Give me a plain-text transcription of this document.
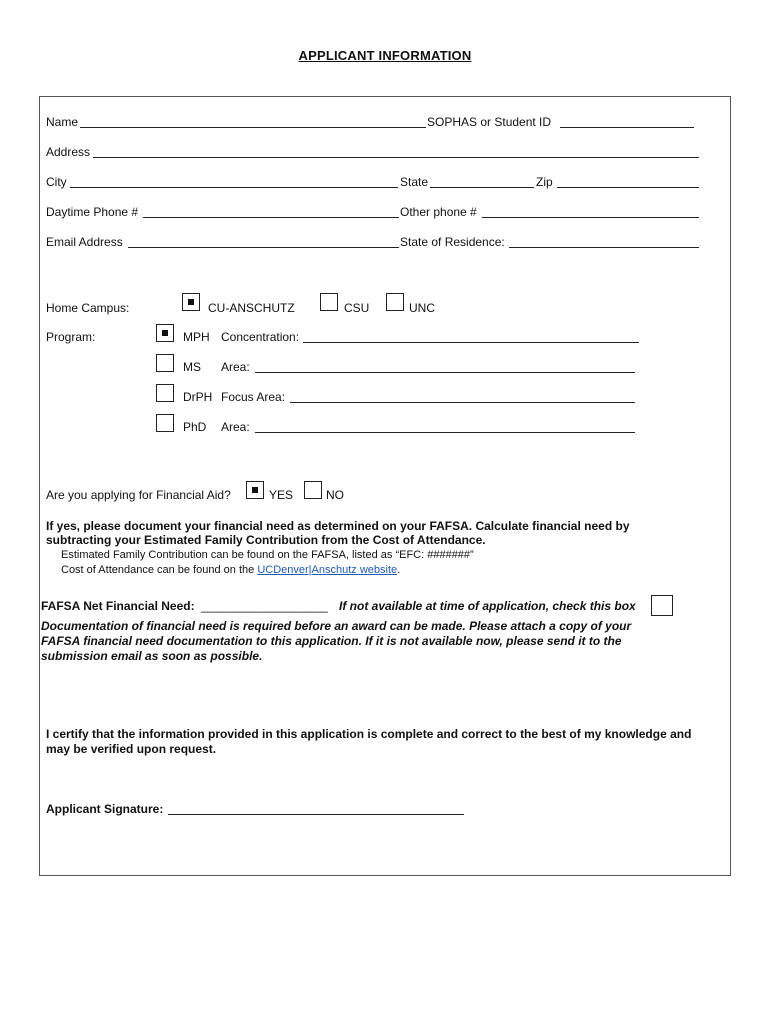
APPLICANT INFORMATION
Name	SOPHAS or Student ID
Address
City	State	Zip
Daytime Phone #	Other phone #
Email Address	State of Residence:
Home Campus:	CU-ANSCHUTZ	CSU	UNC
Program:	MPH Concentration:
MS Area:
DrPH Focus Area:
PhD Area:
Are you applying for Financial Aid?	YES	NO
If yes, please document your financial need as determined on your FAFSA. Calculate financial need by
subtracting your Estimated Family Contribution from the Cost of Attendance.
Estimated Family Contribution can be found on the FAFSA, listed as “EFC: #######”
Cost of Attendance can be found on the UCDenver|Anschutz website.
FAFSA Net Financial Need: ___________________ If not available at time of application, check this box
Documentation of financial need is required before an award can be made. Please attach a copy of your
FAFSA financial need documentation to this application. If it is not available now, please send it to the
submission email as soon as possible.
I certify that the information provided in this application is complete and correct to the best of my knowledge and
may be verified upon request.
Applicant Signature:
